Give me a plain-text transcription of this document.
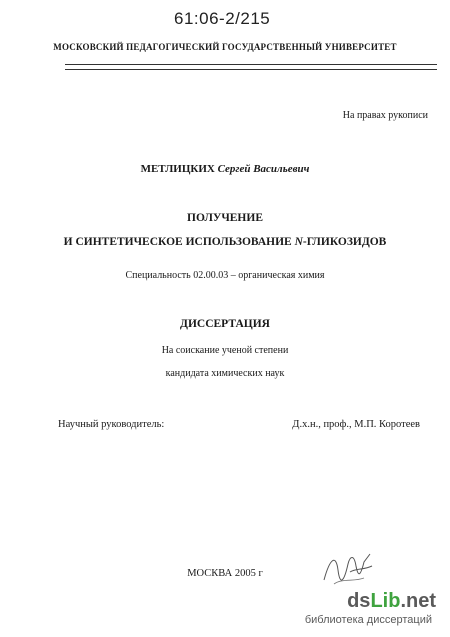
61:06-2/215
МОСКОВСКИЙ ПЕДАГОГИЧЕСКИЙ ГОСУДАРСТВЕННЫЙ УНИВЕРСИТЕТ
На правах рукописи
МЕТЛИЦКИХ Сергей Васильевич
ПОЛУЧЕНИЕ
И СИНТЕТИЧЕСКОЕ ИСПОЛЬЗОВАНИЕ N-ГЛИКОЗИДОВ
Специальность 02.00.03 – органическая химия
ДИССЕРТАЦИЯ
На соискание ученой степени
кандидата химических наук
Научный руководитель:	Д.х.н., проф., М.П. Коротеев
МОСКВА 2005 г
dsLib.net
библиотека диссертаций
